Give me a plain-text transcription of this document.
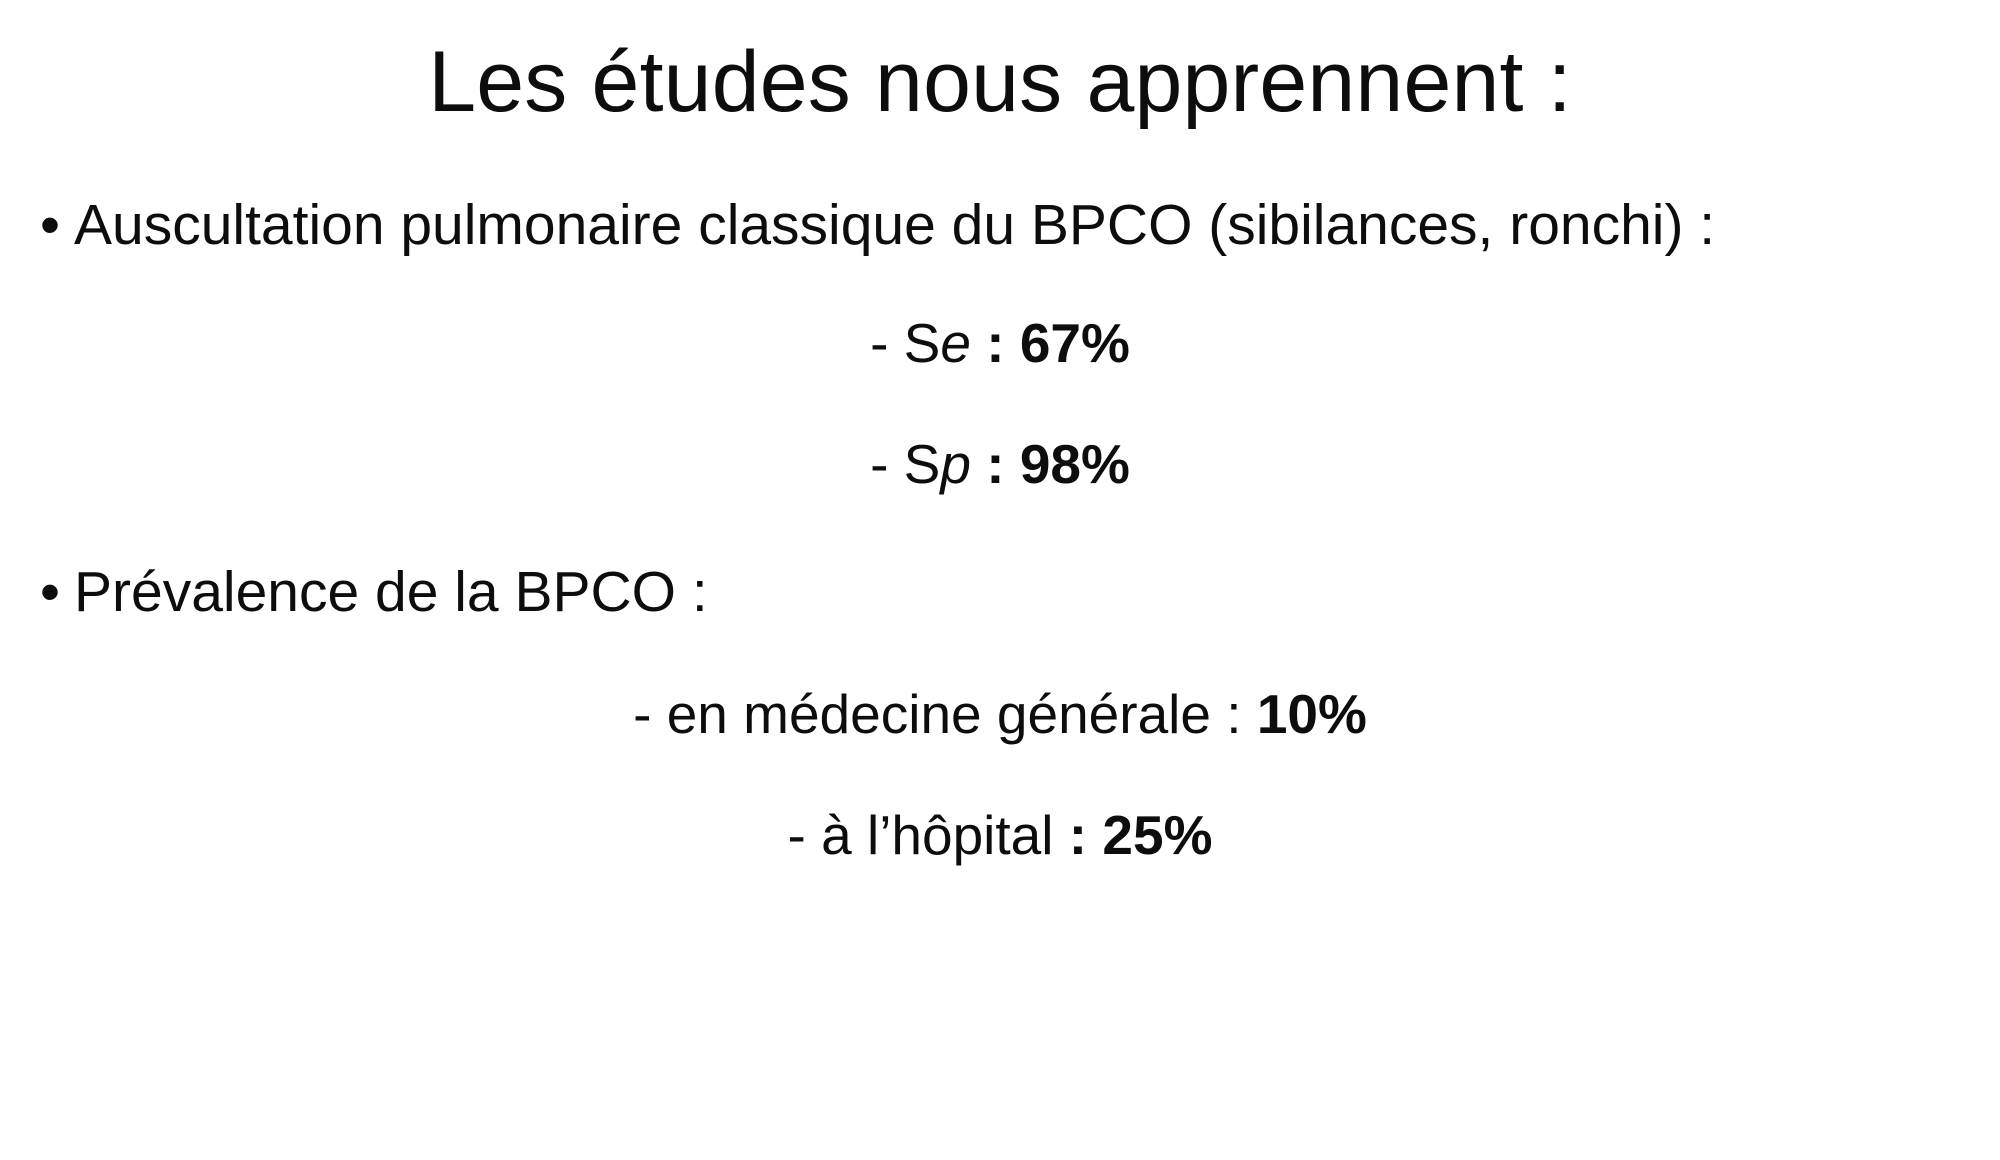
Les études nous apprennent :
• Auscultation pulmonaire classique du BPCO (sibilances, ronchi) :
- Se : 67%
- Sp : 98%
• Prévalence de la BPCO :
- en médecine générale : 10%
- à l’hôpital : 25%
